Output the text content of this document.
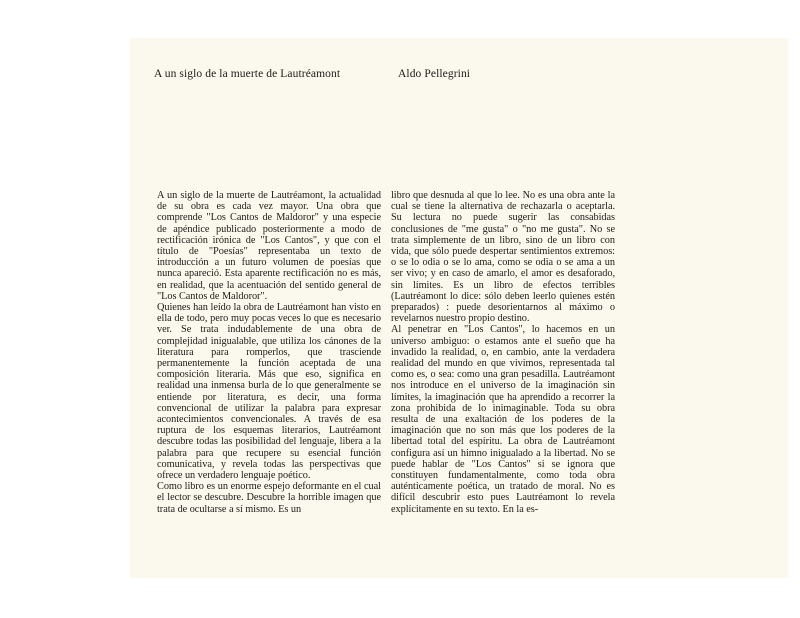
A un siglo de la muerte de Lautréamont	Aldo Pellegrini

A un siglo de la muerte de Lautréamont, la actualidad de su obra es cada vez mayor. Una obra que comprende "Los Cantos de Maldoror" y una especie de apéndice publicado posteriormente a modo de rectificación irónica de "Los Cantos", y que con el título de "Poesías" representaba un texto de introducción a un futuro volumen de poesías que nunca apareció. Esta aparente rectificación no es más, en realidad, que la acentuación del sentido general de "Los Cantos de Maldoror".

Quienes han leído la obra de Lautréamont han visto en ella de todo, pero muy pocas veces lo que es necesario ver. Se trata indudablemente de una obra de complejidad inigualable, que utiliza los cánones de la literatura para romperlos, que trasciende permanentemente la función aceptada de una composición literaria. Más que eso, significa en realidad una inmensa burla de lo que generalmente se entiende por literatura, es decir, una forma convencional de utilizar la palabra para expresar acontecimientos convencionales. A través de esa ruptura de los esquemas literarios, Lautréamont descubre todas las posibilidad del lenguaje, libera a la palabra para que recupere su esencial función comunicativa, y revela todas las perspectivas que ofrece un verdadero lenguaje poético.

Como libro es un enorme espejo deformante en el cual el lector se descubre. Descubre la horrible imagen que trata de ocultarse a sí mismo. Es un

libro que desnuda al que lo lee. No es una obra ante la cual se tiene la alternativa de rechazarla o aceptarla. Su lectura no puede sugerir las consabidas conclusiones de "me gusta" o "no me gusta". No se trata simplemente de un libro, sino de un libro con vida, que sólo puede despertar sentimientos extremos: o se lo odia o se lo ama, como se odia o se ama a un ser vivo; y en caso de amarlo, el amor es desaforado, sin límites. Es un libro de efectos terribles (Lautréamont lo dice: sólo deben leerlo quienes estén preparados) : puede desorientarnos al máximo o revelarnos nuestro propio destino.

Al penetrar en "Los Cantos", lo hacemos en un universo ambiguo: o estamos ante el sueño que ha invadido la realidad, o, en cambio, ante la verdadera realidad del mundo en que vivimos, representada tal como es, o sea: como una gran pesadilla. Lautréamont nos introduce en el universo de la imaginación sin límites, la imaginación que ha aprendido a recorrer la zona prohibida de lo inimaginable. Toda su obra resulta de una exaltación de los poderes de la imaginación que no son más que los poderes de la libertad total del espíritu. La obra de Lautréamont configura así un himno inigualado a la libertad. No se puede hablar de "Los Cantos" si se ignora que constituyen fundamentalmente, como toda obra auténticamente poética, un tratado de moral. No es difícil descubrir esto pues Lautréamont lo revela explícitamente en su texto. En la es-
